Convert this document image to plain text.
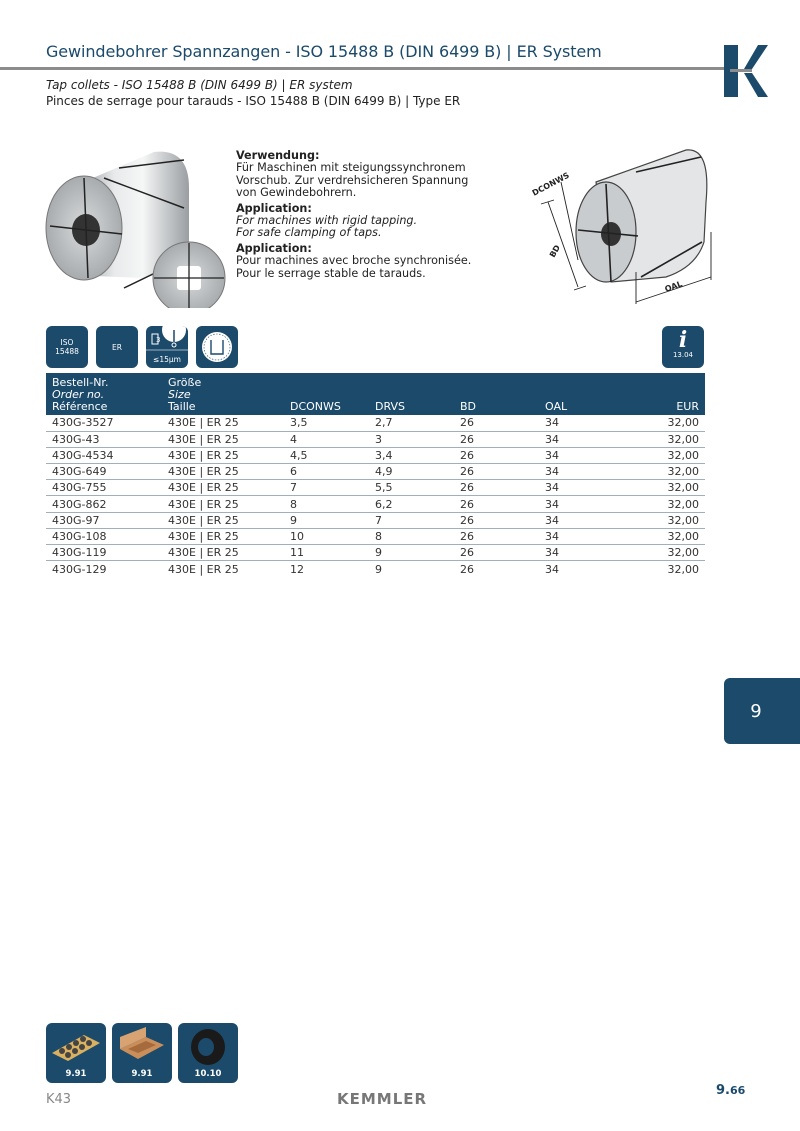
Gewindebohrer Spannzangen - ISO 15488 B (DIN 6499 B) | ER System
Tap collets - ISO 15488 B (DIN 6499 B) | ER system
Pinces de serrage pour tarauds - ISO 15488 B (DIN 6499 B) | Type ER
Verwendung:
Für Maschinen mit steigungssynchronem
Vorschub. Zur verdrehsicheren Spannung
von Gewindebohrern.
Application:
For machines with rigid tapping.
For safe clamping of taps.
Application:
Pour machines avec broche synchronisée.
Pour le serrage stable de tarauds.
DCONWS
BD
OAL
ISO
15488	ER
3
≤15µm
i
13.04
Bestell-Nr.
Order no.
Référence

Größe
Size
Taille	DCONWS	DRVS	BD	OAL	EUR
430G-3527	430E | ER 25	3,5	2,7	26	34	32,00
430G-43	430E | ER 25	4	3	26	34	32,00
430G-4534	430E | ER 25	4,5	3,4	26	34	32,00
430G-649	430E | ER 25	6	4,9	26	34	32,00
430G-755	430E | ER 25	7	5,5	26	34	32,00
430G-862	430E | ER 25	8	6,2	26	34	32,00
430G-97	430E | ER 25	9	7	26	34	32,00
430G-108	430E | ER 25	10	8	26	34	32,00
430G-119	430E | ER 25	11	9	26	34	32,00
430G-129	430E | ER 25	12	9	26	34	32,00
9
9.91	9.91	10.10
K43	KEMMLER	9.66
